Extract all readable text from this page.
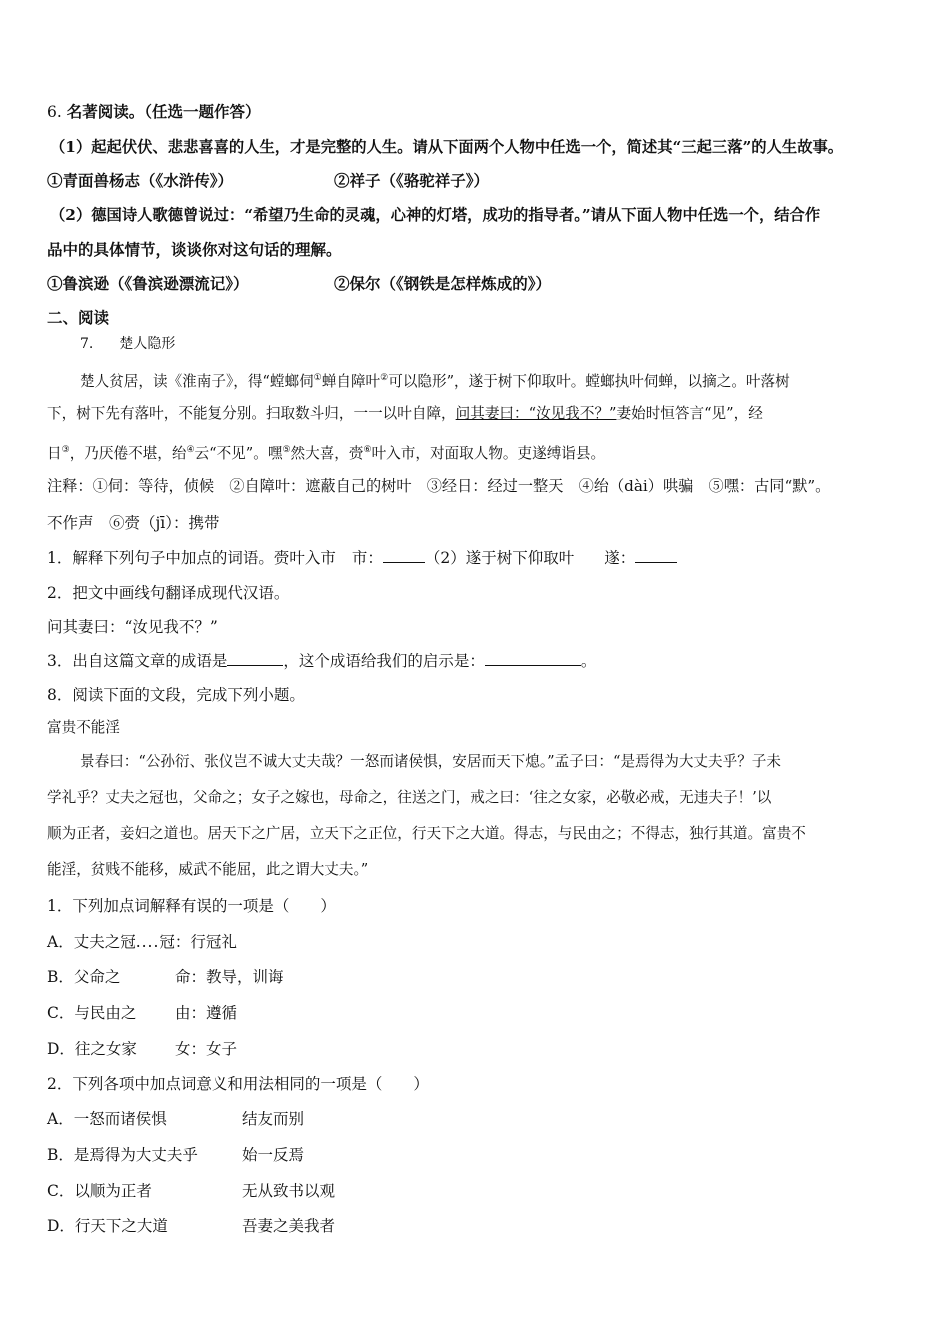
6. 名著阅读。（任选一题作答）
（1）起起伏伏、悲悲喜喜的人生，才是完整的人生。请从下面两个人物中任选一个，简述其“三起三落”的人生故事。
①青面兽杨志（《水浒传》）	②祥子（《骆驼祥子》）
（2）德国诗人歌德曾说过：“希望乃生命的灵魂，心神的灯塔，成功的指导者。”请从下面人物中任选一个，结合作
品中的具体情节，谈谈你对这句话的理解。
①鲁滨逊（《鲁滨逊漂流记》）	②保尔（《钢铁是怎样炼成的》）
二、阅读
7. 楚人隐形
楚人贫居，读《淮南子》，得“螳螂伺①蝉自障叶②可以隐形”，遂于树下仰取叶。螳螂执叶伺蝉，以摘之。叶落树
下，树下先有落叶，不能复分别。扫取数斗归，一一以叶自障，问其妻曰：“汝见我不？”妻始时恒答言“见”，经
日③，乃厌倦不堪，绐④云“不见”。嘿⑤然大喜，赍⑥叶入市，对面取人物。吏遂缚诣县。
注释：①伺：等待，侦候　②自障叶：遮蔽自己的树叶　③经日：经过一整天　④绐（dài）哄骗　⑤嘿：古同“默”。
不作声　⑥赍（jī）：携带
1．解释下列句子中加点的词语。赍叶入市 市：	（2）遂于树下仰取叶 遂：
2．把文中画线句翻译成现代汉语。
问其妻曰：“汝见我不？”
3．出自这篇文章的成语是	，这个成语给我们的启示是：	。
8．阅读下面的文段，完成下列小题。
富贵不能淫
景春曰：“公孙衍、张仪岂不诚大丈夫哉？一怒而诸侯惧，安居而天下熄。”孟子曰：“是焉得为大丈夫乎？子未
学礼乎？丈夫之冠也，父命之；女子之嫁也，母命之，往送之门，戒之曰：‘往之女家，必敬必戒，无违夫子！’以
顺为正者，妾妇之道也。居天下之广居，立天下之正位，行天下之大道。得志，与民由之；不得志，独行其道。富贵不
能淫，贫贱不能移，威武不能屈，此之谓大丈夫。”
1．下列加点词解释有误的一项是（　　）
A．丈夫之冠....冠：行冠礼
B．父命之	命：教导，训诲
C．与民由之 由：遵循
D．往之女家 女：女子
2．下列各项中加点词意义和用法相同的一项是（　　）
A．一怒而诸侯惧	结友而别
B．是焉得为大丈夫乎	始一反焉
C．以顺为正者	无从致书以观
D．行天下之大道	吾妻之美我者
